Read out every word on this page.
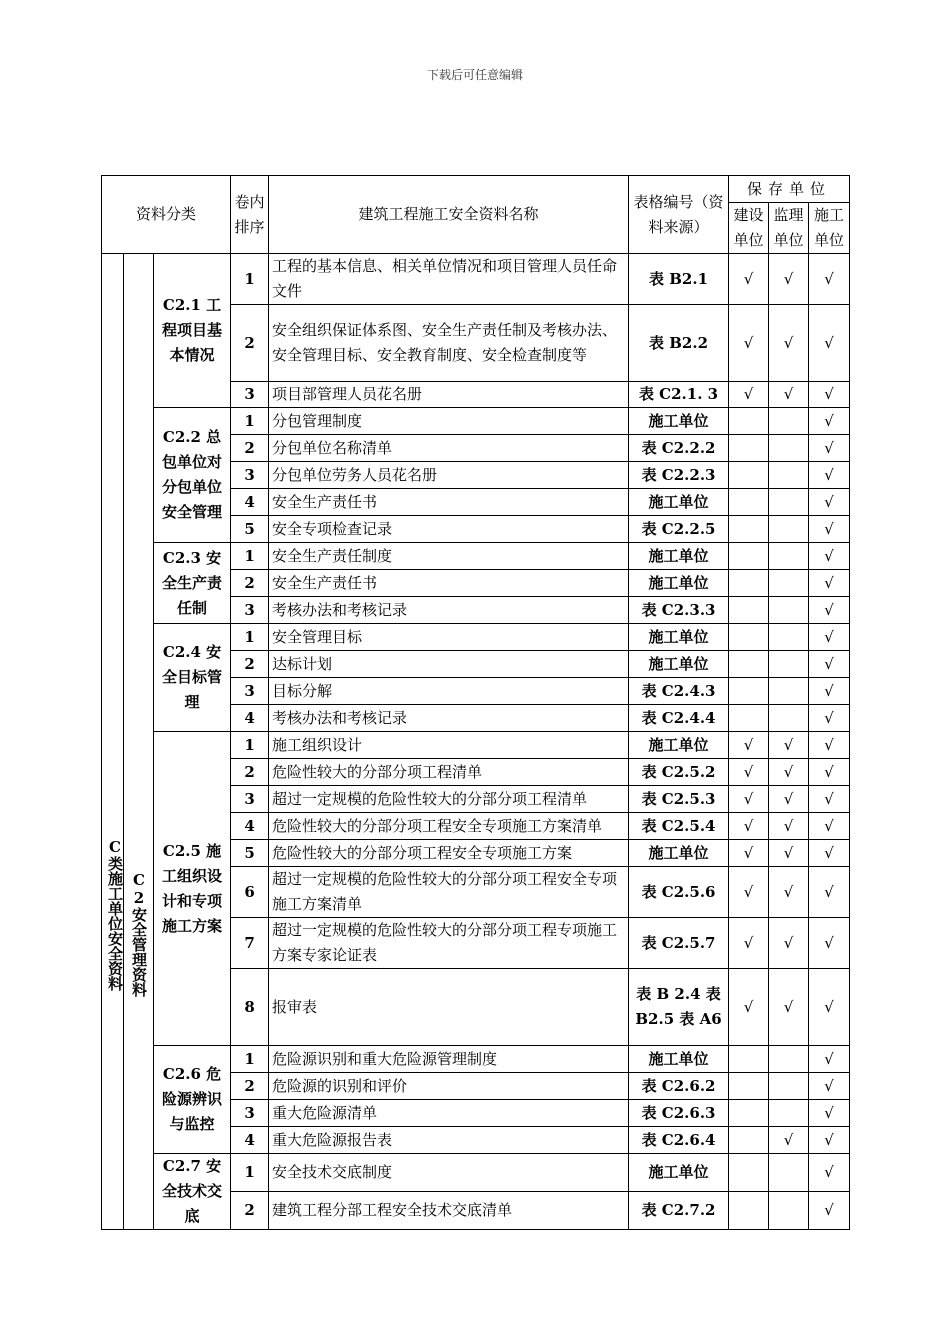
下载后可任意编辑
资料分类			卷内排序	建筑工程施工安全资料名称	表格编号（资料来源）	保存单位		
						建设单位	监理单位	施工单位

C类施工单位安全资料	C2安全管理资料	C2.1 工程项目基本情况	1	工程的基本信息、相关单位情况和项目管理人员任命文件	表 B2.1	√	√	√
			2	安全组织保证体系图、安全生产责任制及考核办法、安全管理目标、安全教育制度、安全检查制度等	表 B2.2	√	√	√
			3	项目部管理人员花名册	表 C2.1. 3	√	√	√
		C2.2 总包单位对分包单位安全管理	1	分包管理制度	施工单位			√
			2	分包单位名称清单	表 C2.2.2			√
			3	分包单位劳务人员花名册	表 C2.2.3			√
			4	安全生产责任书	施工单位			√
			5	安全专项检查记录	表 C2.2.5			√
		C2.3 安全生产责任制	1	安全生产责任制度	施工单位			√
			2	安全生产责任书	施工单位			√
			3	考核办法和考核记录	表 C2.3.3			√
		C2.4 安全目标管理	1	安全管理目标	施工单位			√
			2	达标计划	施工单位			√
			3	目标分解	表 C2.4.3			√
			4	考核办法和考核记录	表 C2.4.4			√
		C2.5 施工组织设计和专项施工方案	1	施工组织设计	施工单位	√	√	√
			2	危险性较大的分部分项工程清单	表 C2.5.2	√	√	√
			3	超过一定规模的危险性较大的分部分项工程清单	表 C2.5.3	√	√	√
			4	危险性较大的分部分项工程安全专项施工方案清单	表 C2.5.4	√	√	√
			5	危险性较大的分部分项工程安全专项施工方案	施工单位	√	√	√
			6	超过一定规模的危险性较大的分部分项工程安全专项施工方案清单	表 C2.5.6	√	√	√
			7	超过一定规模的危险性较大的分部分项工程专项施工方案专家论证表	表 C2.5.7	√	√	√
			8	报审表	表 B 2.4 表 B2.5 表 A6	√	√	√
		C2.6 危险源辨识与监控	1	危险源识别和重大危险源管理制度	施工单位			√
			2	危险源的识别和评价	表 C2.6.2			√
			3	重大危险源清单	表 C2.6.3			√
			4	重大危险源报告表	表 C2.6.4		√	√
		C2.7 安全技术交底	1	安全技术交底制度	施工单位			√
			2	建筑工程分部工程安全技术交底清单	表 C2.7.2			√
